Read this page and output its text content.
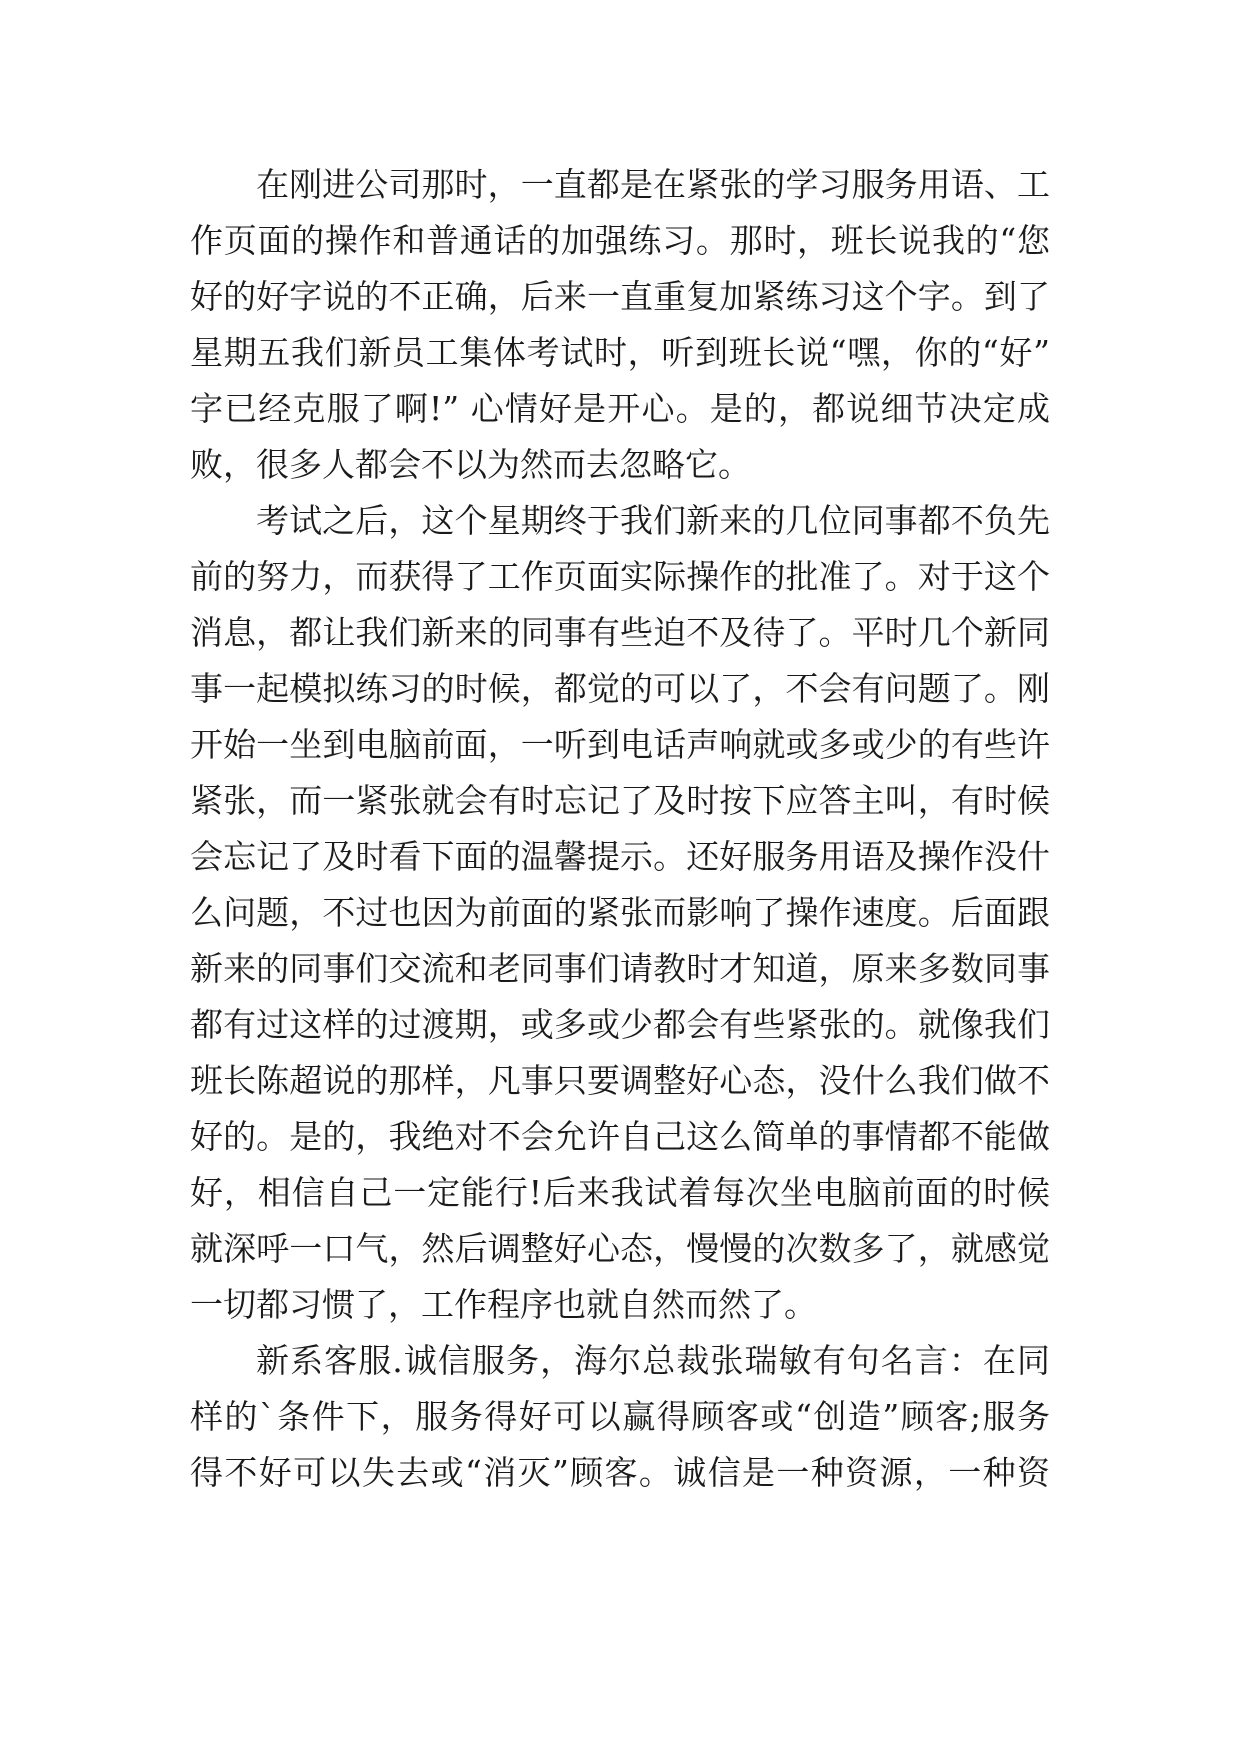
在刚进公司那时，一直都是在紧张的学习服务用语、工
作页面的操作和普通话的加强练习。那时，班长说我的“您
好的好字说的不正确，后来一直重复加紧练习这个字。到了
星期五我们新员工集体考试时，听到班长说“嘿，你的“好”
字已经克服了啊!” 心情好是开心。是的，都说细节决定成
败，很多人都会不以为然而去忽略它。
考试之后，这个星期终于我们新来的几位同事都不负先
前的努力，而获得了工作页面实际操作的批准了。对于这个
消息，都让我们新来的同事有些迫不及待了。平时几个新同
事一起模拟练习的时候，都觉的可以了，不会有问题了。刚
开始一坐到电脑前面，一听到电话声响就或多或少的有些许
紧张，而一紧张就会有时忘记了及时按下应答主叫，有时候
会忘记了及时看下面的温馨提示。还好服务用语及操作没什
么问题，不过也因为前面的紧张而影响了操作速度。后面跟
新来的同事们交流和老同事们请教时才知道，原来多数同事
都有过这样的过渡期，或多或少都会有些紧张的。就像我们
班长陈超说的那样，凡事只要调整好心态，没什么我们做不
好的。是的，我绝对不会允许自己这么简单的事情都不能做
好，相信自己一定能行!后来我试着每次坐电脑前面的时候
就深呼一口气，然后调整好心态，慢慢的次数多了，就感觉
一切都习惯了，工作程序也就自然而然了。
新系客服.诚信服务，海尔总裁张瑞敏有句名言：在同
样的`条件下，服务得好可以赢得顾客或“创造”顾客;服务
得不好可以失去或“消灭”顾客。诚信是一种资源，一种资
